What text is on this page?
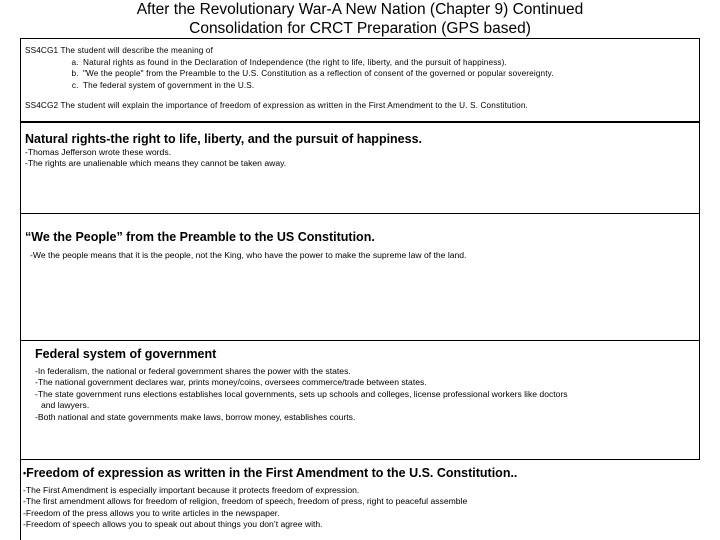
After the Revolutionary War-A New Nation (Chapter 9) Continued
Consolidation for CRCT Preparation (GPS based)
SS4CG1 The student will describe the meaning of
a. Natural rights as found in the Declaration of Independence (the right to life, liberty, and the pursuit of happiness).
b. "We the people" from the Preamble to the U.S. Constitution as a reflection of consent of the governed or popular sovereignty.
c. The federal system of government in the U.S.
SS4CG2 The student will explain the importance of freedom of expression as written in the First Amendment to the U. S. Constitution.
Natural rights-the right to life, liberty, and the pursuit of happiness.
-Thomas Jefferson wrote these words.
-The rights are unalienable which means they cannot be taken away.
“We the People” from the Preamble to the US Constitution.
-We the people means that it is the people, not the King, who have the power to make the supreme law of the land.
Federal system of government
-In federalism, the national or federal government shares the power with the states.
-The national government declares war, prints money/coins, oversees commerce/trade between states.
-The state government runs elections establishes local governments, sets up schools and colleges, license professional workers like doctors
and lawyers.
-Both national and state governments make laws, borrow money, establishes courts.
•Freedom of expression as written in the First Amendment to the U.S. Constitution..
-The First Amendment is especially important because it protects freedom of expression.
-The first amendment allows for freedom of religion, freedom of speech, freedom of press, right to peaceful assemble
-Freedom of the press allows you to write articles in the newspaper.
-Freedom of speech allows you to speak out about things you don’t agree with.
